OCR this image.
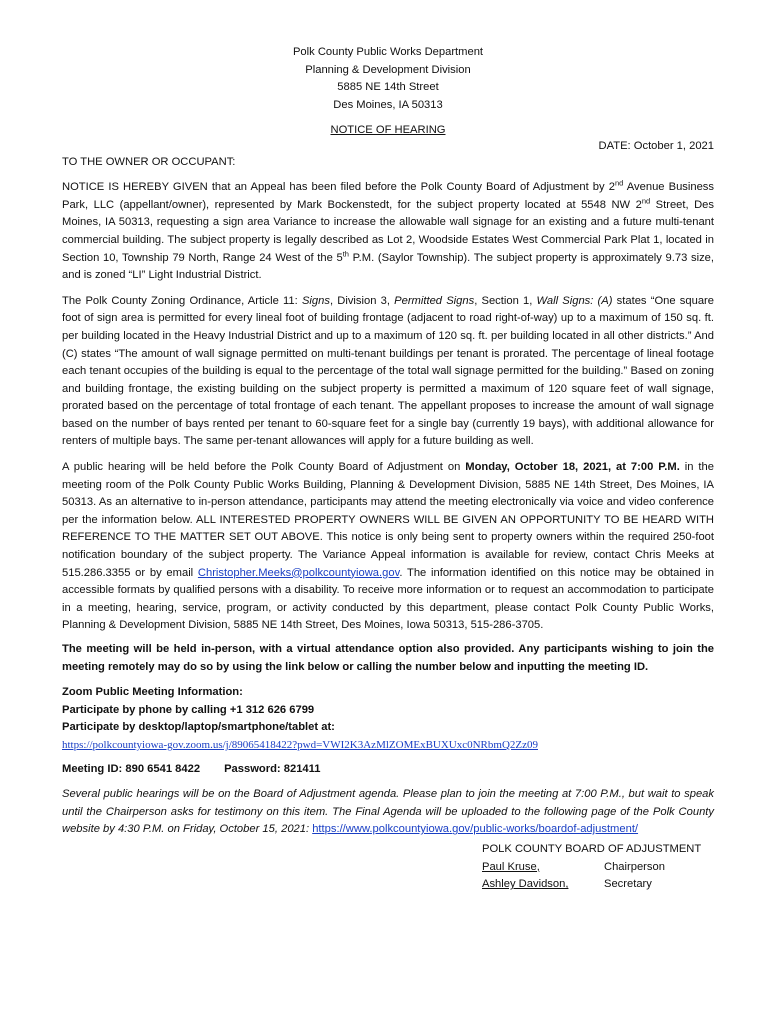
Polk County Public Works Department
Planning & Development Division
5885 NE 14th Street
Des Moines, IA 50313
NOTICE OF HEARING
DATE: October 1, 2021
TO THE OWNER OR OCCUPANT:

NOTICE IS HEREBY GIVEN that an Appeal has been filed before the Polk County Board of Adjustment by 2nd Avenue Business Park, LLC (appellant/owner), represented by Mark Bockenstedt, for the subject property located at 5548 NW 2nd Street, Des Moines, IA 50313, requesting a sign area Variance to increase the allowable wall signage for an existing and a future multi-tenant commercial building. The subject property is legally described as Lot 2, Woodside Estates West Commercial Park Plat 1, located in Section 10, Township 79 North, Range 24 West of the 5th P.M. (Saylor Township). The subject property is approximately 9.73 size, and is zoned “LI” Light Industrial District.

The Polk County Zoning Ordinance, Article 11: Signs, Division 3, Permitted Signs, Section 1, Wall Signs: (A) states “One square foot of sign area is permitted for every lineal foot of building frontage (adjacent to road right-of-way) up to a maximum of 150 sq. ft. per building located in the Heavy Industrial District and up to a maximum of 120 sq. ft. per building located in all other districts.” And (C) states “The amount of wall signage permitted on multi-tenant buildings per tenant is prorated. The percentage of lineal footage each tenant occupies of the building is equal to the percentage of the total wall signage permitted for the building.” Based on zoning and building frontage, the existing building on the subject property is permitted a maximum of 120 square feet of wall signage, prorated based on the percentage of total frontage of each tenant. The appellant proposes to increase the amount of wall signage based on the number of bays rented per tenant to 60-square feet for a single bay (currently 19 bays), with additional allowance for renters of multiple bays. The same per-tenant allowances will apply for a future building as well.

A public hearing will be held before the Polk County Board of Adjustment on Monday, October 18, 2021, at 7:00 P.M. in the meeting room of the Polk County Public Works Building, Planning & Development Division, 5885 NE 14th Street, Des Moines, IA 50313. As an alternative to in-person attendance, participants may attend the meeting electronically via voice and video conference per the information below. ALL INTERESTED PROPERTY OWNERS WILL BE GIVEN AN OPPORTUNITY TO BE HEARD WITH REFERENCE TO THE MATTER SET OUT ABOVE. This notice is only being sent to property owners within the required 250-foot notification boundary of the subject property. The Variance Appeal information is available for review, contact Chris Meeks at 515.286.3355 or by email Christopher.Meeks@polkcountyiowa.gov. The information identified on this notice may be obtained in accessible formats by qualified persons with a disability. To receive more information or to request an accommodation to participate in a meeting, hearing, service, program, or activity conducted by this department, please contact Polk County Public Works, Planning & Development Division, 5885 NE 14th Street, Des Moines, Iowa 50313, 515-286-3705.

The meeting will be held in-person, with a virtual attendance option also provided. Any participants wishing to join the meeting remotely may do so by using the link below or calling the number below and inputting the meeting ID.

Zoom Public Meeting Information:
Participate by phone by calling +1 312 626 6799
Participate by desktop/laptop/smartphone/tablet at:
https://polkcountyiowa-gov.zoom.us/j/89065418422?pwd=VWI2K3AzMlZOMExBUXUxc0NRbmQ2Zz09
Meeting ID: 890 6541 8422 Password: 821411

Several public hearings will be on the Board of Adjustment agenda. Please plan to join the meeting at 7:00 P.M., but wait to speak until the Chairperson asks for testimony on this item. The Final Agenda will be uploaded to the following page of the Polk County website by 4:30 P.M. on Friday, October 15, 2021: https://www.polkcountyiowa.gov/public-works/boardof-adjustment/

POLK COUNTY BOARD OF ADJUSTMENT
Paul Kruse,	Chairperson
Ashley Davidson,	Secretary
